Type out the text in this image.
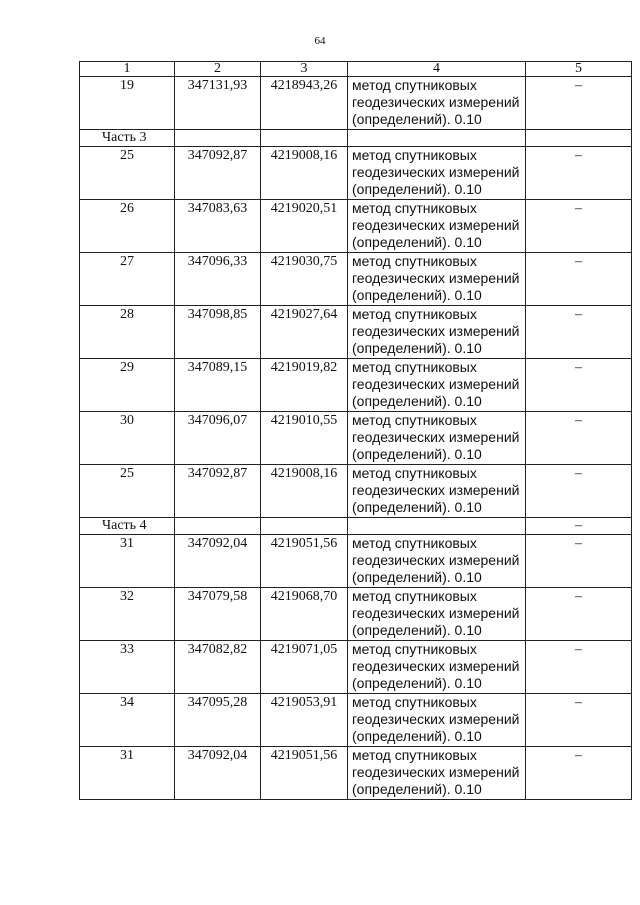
64
1	2	3	4	5
19	347131,93	4218943,26	метод спутниковых геодезических измерений (определений). 0.10	–
Часть 3				
25	347092,87	4219008,16	метод спутниковых геодезических измерений (определений). 0.10	–
26	347083,63	4219020,51	метод спутниковых геодезических измерений (определений). 0.10	–
27	347096,33	4219030,75	метод спутниковых геодезических измерений (определений). 0.10	–
28	347098,85	4219027,64	метод спутниковых геодезических измерений (определений). 0.10	–
29	347089,15	4219019,82	метод спутниковых геодезических измерений (определений). 0.10	–
30	347096,07	4219010,55	метод спутниковых геодезических измерений (определений). 0.10	–
25	347092,87	4219008,16	метод спутниковых геодезических измерений (определений). 0.10	–
Часть 4				–
31	347092,04	4219051,56	метод спутниковых геодезических измерений (определений). 0.10	–
32	347079,58	4219068,70	метод спутниковых геодезических измерений (определений). 0.10	–
33	347082,82	4219071,05	метод спутниковых геодезических измерений (определений). 0.10	–
34	347095,28	4219053,91	метод спутниковых геодезических измерений (определений). 0.10	–
31	347092,04	4219051,56	метод спутниковых геодезических измерений (определений). 0.10	–
